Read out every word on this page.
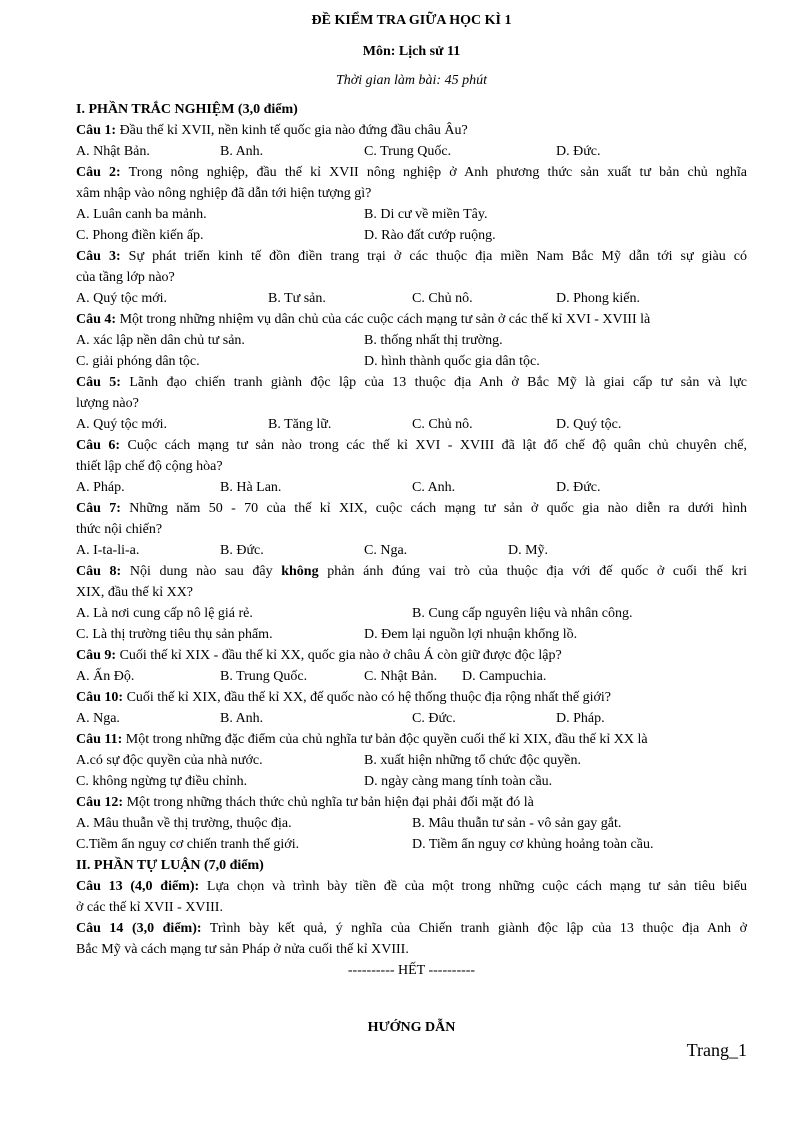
ĐỀ KIỂM TRA GIỮA HỌC KÌ 1
Môn: Lịch sử 11
Thời gian làm bài: 45 phút
I. PHẦN TRẮC NGHIỆM (3,0 điểm)
Câu 1: Đầu thế kỉ XVII, nền kinh tế quốc gia nào đứng đầu châu Âu?
A. Nhật Bản.	B. Anh.	C. Trung Quốc.	D. Đức.
Câu 2: Trong nông nghiệp, đầu thế kỉ XVII nông nghiệp ở Anh phương thức sản xuất tư bản chủ nghĩa
xâm nhập vào nông nghiệp đã dẫn tới hiện tượng gì?
A. Luân canh ba mảnh.	B. Di cư về miền Tây.
C. Phong điền kiến ấp.	D. Rào đất cướp ruộng.
Câu 3: Sự phát triển kinh tế đồn điền trang trại ở các thuộc địa miền Nam Bắc Mỹ dẫn tới sự giàu có
của tầng lớp nào?
A. Quý tộc mới.	B. Tư sản.	C. Chủ nô.	D. Phong kiến.
Câu 4: Một trong những nhiệm vụ dân chủ của các cuộc cách mạng tư sản ở các thế kỉ XVI - XVIII là
A. xác lập nền dân chủ tư sản.	B. thống nhất thị trường.
C. giải phóng dân tộc.	D. hình thành quốc gia dân tộc.
Câu 5: Lãnh đạo chiến tranh giành độc lập của 13 thuộc địa Anh ở Bắc Mỹ là giai cấp tư sản và lực
lượng nào?
A. Quý tộc mới.	B. Tăng lữ.	C. Chủ nô.	D. Quý tộc.
Câu 6: Cuộc cách mạng tư sản nào trong các thế kỉ XVI - XVIII đã lật đổ chế độ quân chủ chuyên chế,
thiết lập chế độ cộng hòa?
A. Pháp.	B. Hà Lan.	C. Anh.	D. Đức.
Câu 7: Những năm 50 - 70 của thế kỉ XIX, cuộc cách mạng tư sản ở quốc gia nào diễn ra dưới hình
thức nội chiến?
A. I-ta-li-a.	B. Đức.	C. Nga.	D. Mỹ.
Câu 8: Nội dung nào sau đây không phản ánh đúng vai trò của thuộc địa với đế quốc ở cuối thế kri
XIX, đầu thế kỉ XX?
A. Là nơi cung cấp nô lệ giá rẻ.	B. Cung cấp nguyên liệu và nhân công.
C. Là thị trường tiêu thụ sản phẩm.	D. Đem lại nguồn lợi nhuận khổng lồ.
Câu 9: Cuối thế kỉ XIX - đầu thế kỉ XX, quốc gia nào ở châu Á còn giữ được độc lập?
A. Ấn Độ.	B. Trung Quốc.	C. Nhật Bản. D. Campuchia.
Câu 10: Cuối thế kỉ XIX, đầu thế kỉ XX, đế quốc nào có hệ thống thuộc địa rộng nhất thế giới?
A. Nga.	B. Anh.	C. Đức.	D. Pháp.
Câu 11: Một trong những đặc điểm của chủ nghĩa tư bản độc quyền cuối thế kỉ XIX, đầu thế kỉ XX là
A.có sự độc quyền của nhà nước.	B. xuất hiện những tổ chức độc quyền.
C. không ngừng tự điều chỉnh.	D. ngày càng mang tính toàn cầu.
Câu 12: Một trong những thách thức chủ nghĩa tư bản hiện đại phải đối mặt đó là
A. Mâu thuẫn về thị trường, thuộc địa.	B. Mâu thuẫn tư sản - vô sản gay gắt.
C.Tiềm ẩn nguy cơ chiến tranh thế giới.	D. Tiềm ẩn nguy cơ khủng hoảng toàn cầu.
II. PHẦN TỰ LUẬN (7,0 điểm)
Câu 13 (4,0 điểm): Lựa chọn và trình bày tiền đề của một trong những cuộc cách mạng tư sản tiêu biểu
ở các thế kỉ XVII - XVIII.
Câu 14 (3,0 điểm): Trình bày kết quả, ý nghĩa của Chiến tranh giành độc lập của 13 thuộc địa Anh ở
Bắc Mỹ và cách mạng tư sản Pháp ở nửa cuối thế kỉ XVIII.
---------- HẾT ----------
HƯỚNG DẪN
Trang_1
